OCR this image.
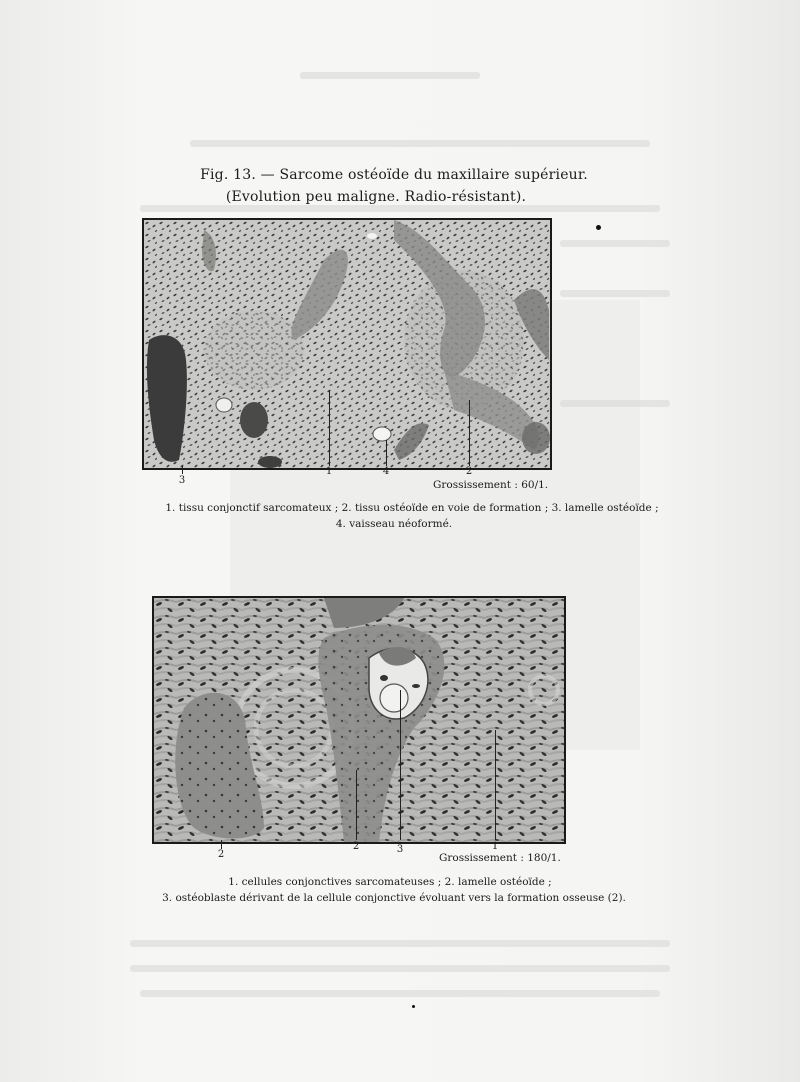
Fig. 13. — Sarcome ostéoïde du maxillaire supérieur.
(Evolution peu maligne. Radio-résistant).
3
1	4	2
Grossissement : 60/1.
1. tissu conjonctif sarcomateux ; 2. tissu ostéoïde en voie de formation ; 3. lamelle ostéoïde ;
4. vaisseau néoformé.
2
2	3	1
Grossissement : 180/1.
1. cellules conjonctives sarcomateuses ; 2. lamelle ostéoïde ;
3. ostéoblaste dérivant de la cellule conjonctive évoluant vers la formation osseuse (2).
